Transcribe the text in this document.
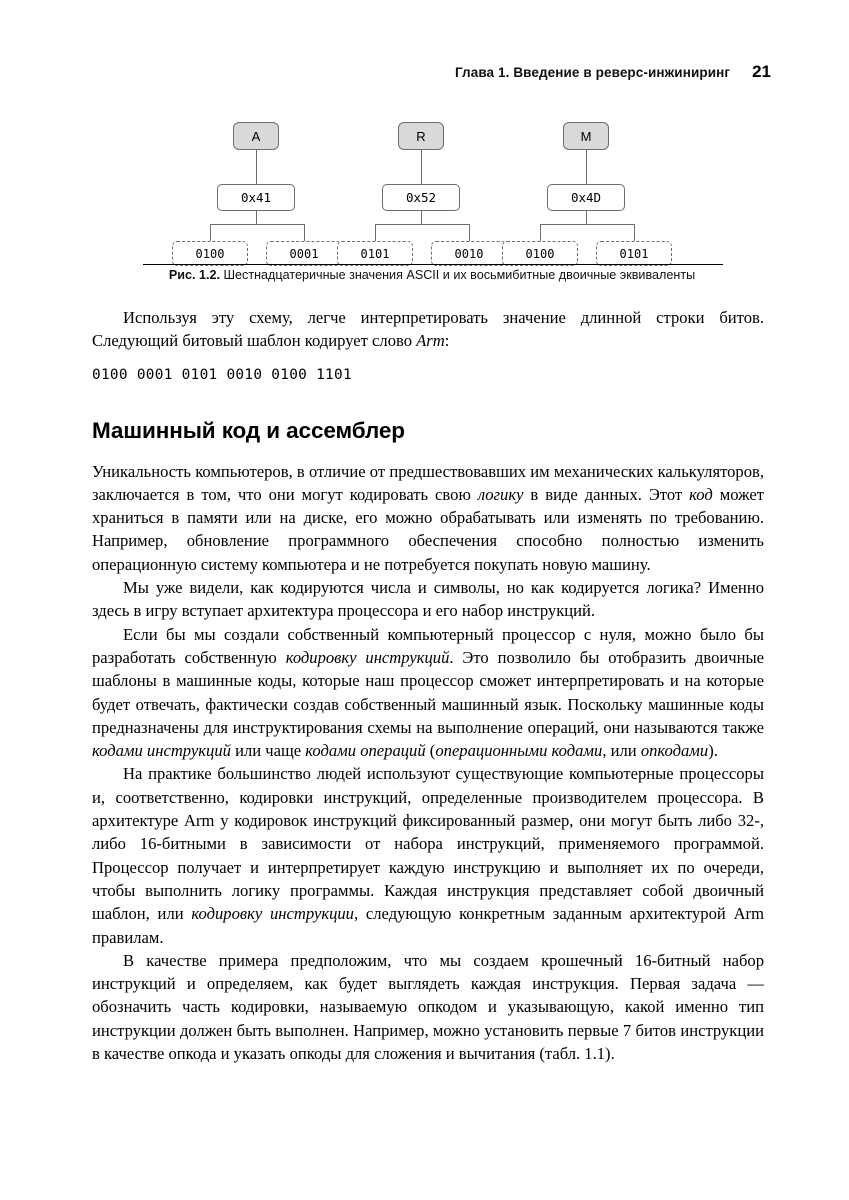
Глава 1. Введение в реверс-инжиниринг 21
A
0x41
0100	0001
R
0x52
0101	0010
M
0x4D
0100	0101
Рис. 1.2. Шестнадцатеричные значения ASCII и их восьмибитные двоичные эквиваленты

Используя эту схему, легче интерпретировать значение длинной строки битов. Следующий битовый шаблон кодирует слово Arm:

0100 0001 0101 0010 0100 1101
Машинный код и ассемблер

Уникальность компьютеров, в отличие от предшествовавших им механических калькуляторов, заключается в том, что они могут кодировать свою логику в виде данных. Этот код может храниться в памяти или на диске, его можно обрабатывать или изменять по требованию. Например, обновление программного обеспечения способно полностью изменить операционную систему компьютера и не потребуется покупать новую машину.

Мы уже видели, как кодируются числа и символы, но как кодируется логика? Именно здесь в игру вступает архитектура процессора и его набор инструкций.

Если бы мы создали собственный компьютерный процессор с нуля, можно было бы разработать собственную кодировку инструкций. Это позволило бы отобразить двоичные шаблоны в машинные коды, которые наш процессор сможет интерпретировать и на которые будет отвечать, фактически создав собственный машинный язык. Поскольку машинные коды предназначены для инструктирования схемы на выполнение операций, они называются также кодами инструкций или чаще кодами операций (операционными кодами, или опкодами).

На практике большинство людей используют существующие компьютерные процессоры и, соответственно, кодировки инструкций, определенные производителем процессора. В архитектуре Arm у кодировок инструкций фиксированный размер, они могут быть либо 32-, либо 16-битными в зависимости от набора инструкций, применяемого программой. Процессор получает и интерпретирует каждую инструкцию и выполняет их по очереди, чтобы выполнить логику программы. Каждая инструкция представляет собой двоичный шаблон, или кодировку инструкции, следующую конкретным заданным архитектурой Arm правилам.

В качестве примера предположим, что мы создаем крошечный 16-битный набор инструкций и определяем, как будет выглядеть каждая инструкция. Первая задача — обозначить часть кодировки, называемую опкодом и указывающую, какой именно тип инструкции должен быть выполнен. Например, можно установить первые 7 битов инструкции в качестве опкода и указать опкоды для сложения и вычитания (табл. 1.1).
